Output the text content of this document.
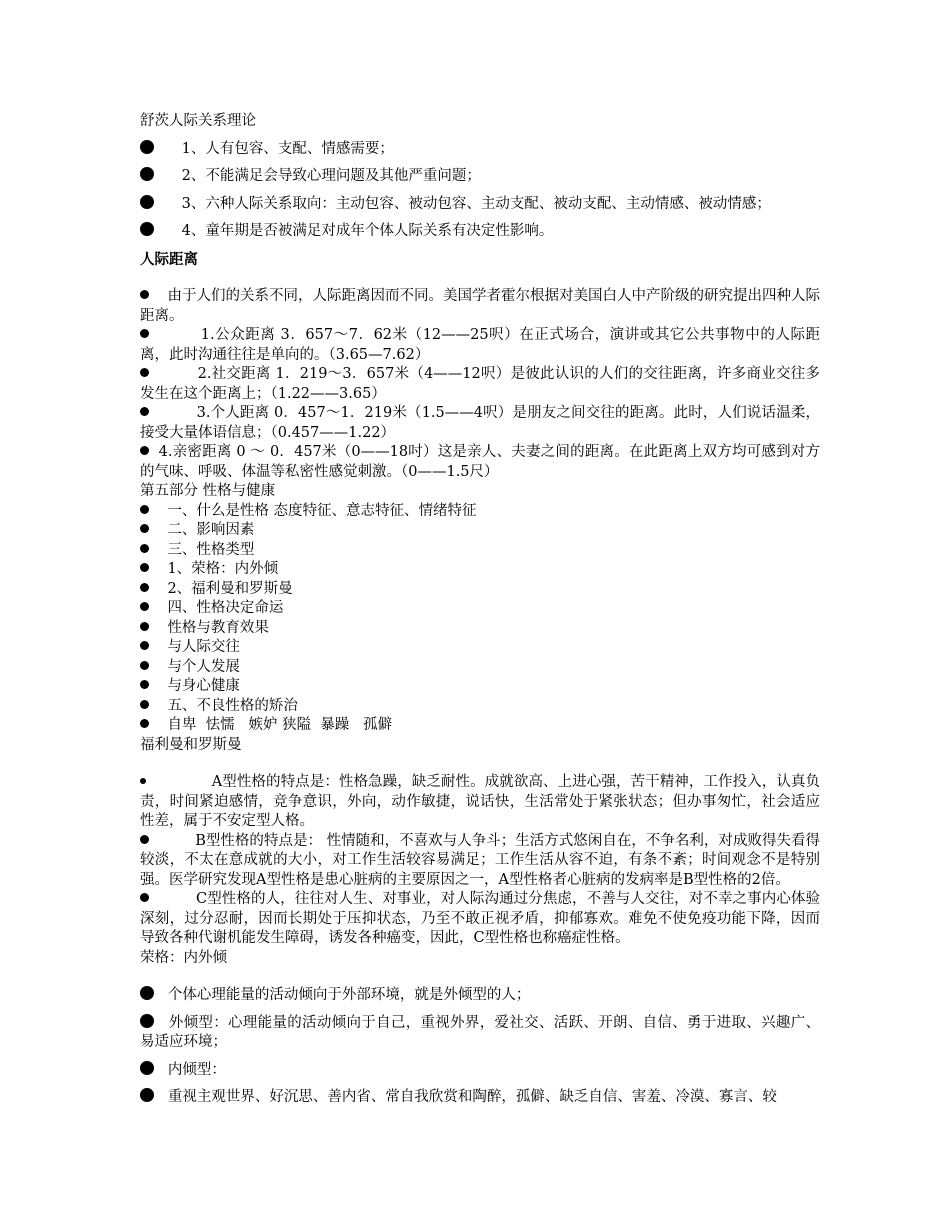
舒茨人际关系理论
1、人有包容、支配、情感需要；
2、不能满足会导致心理问题及其他严重问题；
3、六种人际关系取向：主动包容、被动包容、主动支配、被动支配、主动情感、被动情感；
4、童年期是否被满足对成年个体人际关系有决定性影响。
人际距离
由于人们的关系不同，人际距离因而不同。美国学者霍尔根据对美国白人中产阶级的研究提出四种人际距离。
1.公众距离 3．657～7．62米（12——25呎）在正式场合，演讲或其它公共事物中的人际距离，此时沟通往往是单向的。（3.65—7.62）
2.社交距离 1．219～3．657米（4——12呎）是彼此认识的人们的交往距离，许多商业交往多发生在这个距离上；（1.22——3.65）
3.个人距离 0．457～1．219米（1.5——4呎）是朋友之间交往的距离。此时，人们说话温柔，接受大量体语信息；（0.457——1.22）
4.亲密距离 0 ～ 0．457米（0——18吋）这是亲人、夫妻之间的距离。在此距离上双方均可感到对方的气味、呼吸、体温等私密性感觉刺激。（0——1.5尺）
第五部分 性格与健康
一、什么是性格 态度特征、意志特征、情绪特征
二、影响因素
三、性格类型
1、荣格：内外倾
2、福利曼和罗斯曼
四、性格决定命运
性格与教育效果
与人际交往
与个人发展
与身心健康
五、不良性格的矫治
自卑  怯懦   嫉妒 狭隘  暴躁   孤僻
福利曼和罗斯曼
A型性格的特点是：性格急躁，缺乏耐性。成就欲高、上进心强，苦干精神，工作投入，认真负责，时间紧迫感情，竞争意识，外向，动作敏捷，说话快，生活常处于紧张状态；但办事匆忙，社会适应性差，属于不安定型人格。
B型性格的特点是： 性情随和，不喜欢与人争斗；生活方式悠闲自在，不争名利，对成败得失看得较淡，不太在意成就的大小，对工作生活较容易满足；工作生活从容不迫，有条不紊；时间观念不是特别强。医学研究发现A型性格是患心脏病的主要原因之一，A型性格者心脏病的发病率是B型性格的2倍。
C型性格的人，往往对人生、对事业，对人际沟通过分焦虑，不善与人交往，对不幸之事内心体验深刻，过分忍耐，因而长期处于压抑状态，乃至不敢正视矛盾，抑郁寡欢。难免不使免疫功能下降，因而导致各种代谢机能发生障碍，诱发各种癌变，因此，C型性格也称癌症性格。
荣格：内外倾
个体心理能量的活动倾向于外部环境，就是外倾型的人；
外倾型：心理能量的活动倾向于自己，重视外界，爱社交、活跃、开朗、自信、勇于进取、兴趣广、易适应环境；
内倾型：
重视主观世界、好沉思、善内省、常自我欣赏和陶醉，孤僻、缺乏自信、害羞、冷漠、寡言、较
